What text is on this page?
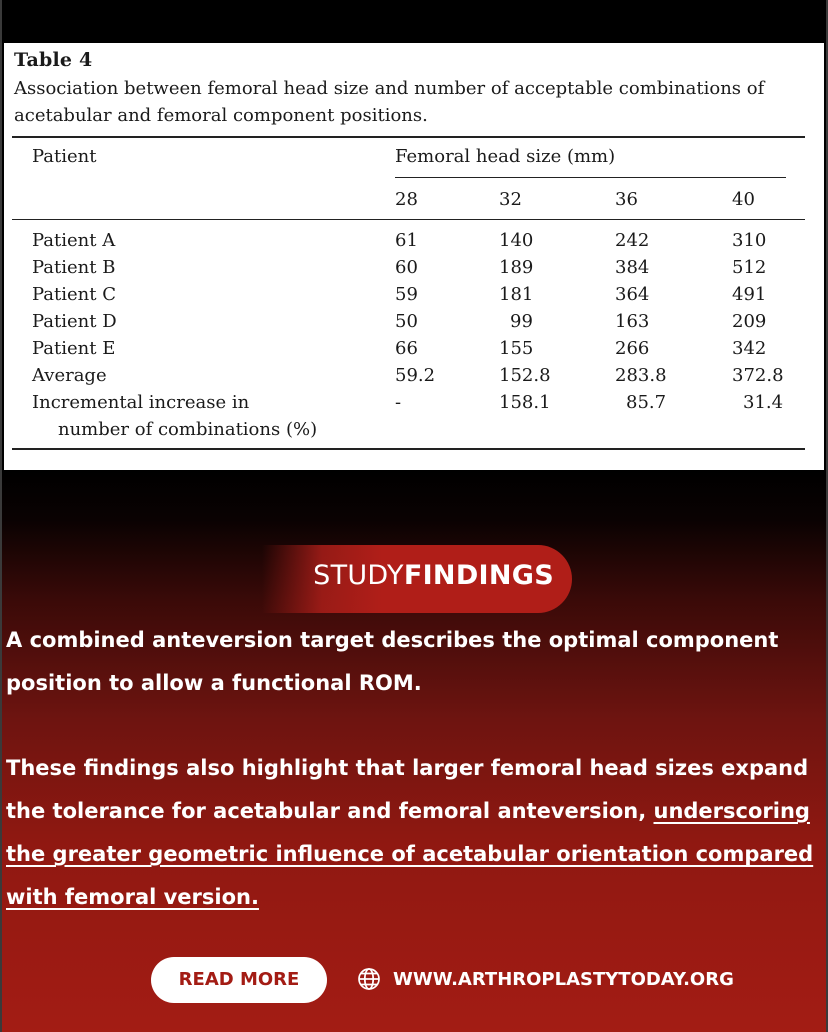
Table 4
Association between femoral head size and number of acceptable combinations of acetabular and femoral component positions.
Patient	Femoral head size (mm)
28	32	36	40
Patient A	61	140	242	310
Patient B	60	189	384	512
Patient C	59	181	364	491
Patient D	50	99	163	209
Patient E	66	155	266	342
Average	59.2	152.8	283.8	372.8
Incremental increase in
number of combinations (%)
-	158.1	85.7	31.4
STUDYFINDINGS
A combined anteversion target describes the optimal component position to allow a functional ROM.
These findings also highlight that larger femoral head sizes expand the tolerance for acetabular and femoral anteversion, underscoring the greater geometric influence of acetabular orientation compared with femoral version.
READ MORE	WWW.ARTHROPLASTYTODAY.ORG
